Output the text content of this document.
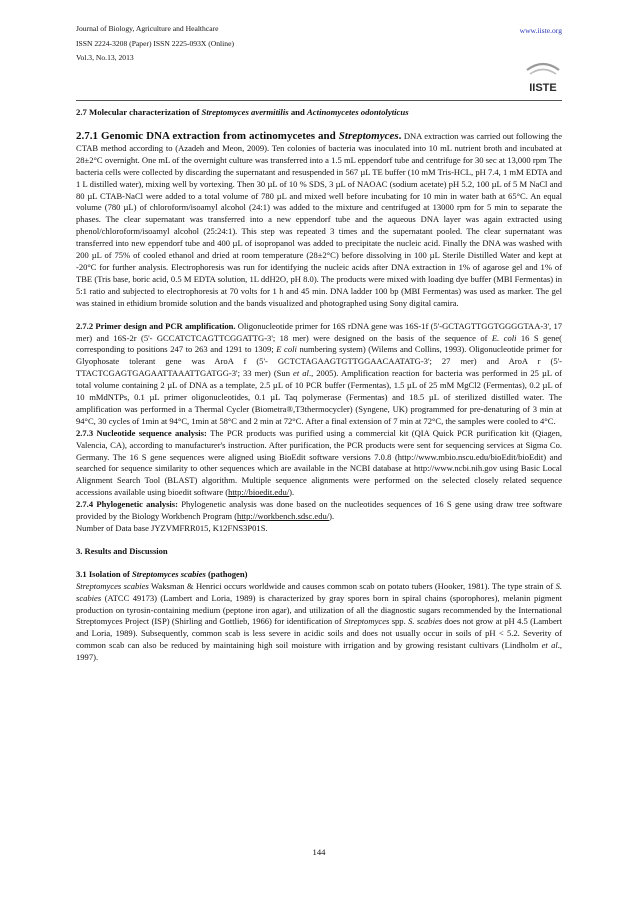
Journal of Biology, Agriculture and Healthcare
ISSN 2224-3208 (Paper) ISSN 2225-093X (Online)
Vol.3, No.13, 2013
www.iiste.org
IISTE
2.7 Molecular characterization of Streptomyces avermitilis and Actinomycetes odontolyticus

2.7.1 Genomic DNA extraction from actinomycetes and Streptomyces. DNA extraction was carried out following the CTAB method according to (Azadeh and Meon, 2009). Ten colonies of bacteria was inoculated into 10 mL nutrient broth and incubated at 28±2°C overnight. One mL of the overnight culture was transferred into a 1.5 mL eppendorf tube and centrifuge for 30 sec at 13,000 rpm The bacteria cells were collected by discarding the supernatant and resuspended in 567 µL TE buffer (10 mM Tris-HCL, pH 7.4, 1 mM EDTA and 1 L distilled water), mixing well by vortexing. Then 30 µL of 10 % SDS, 3 µL of NAOAC (sodium acetate) pH 5.2, 100 µL of 5 M NaCl and 80 µL CTAB-NaCl were added to a total volume of 780 µL and mixed well before incubating for 10 min in water bath at 65°C. An equal volume (780 µL) of chloroform/isoamyl alcohol (24:1) was added to the mixture and centrifuged at 13000 rpm for 5 min to separate the phases. The clear supernatant was transferred into a new eppendorf tube and the aqueous DNA layer was again extracted using phenol/chloroform/isoamyl alcohol (25:24:1). This step was repeated 3 times and the supernatant pooled. The clear supernatant was transferred into new eppendorf tube and 400 µL of isopropanol was added to precipitate the nucleic acid. Finally the DNA was washed with 200 µL of 75% of cooled ethanol and dried at room temperature (28±2°C) before dissolving in 100 µL Sterile Distilled Water and kept at -20°C for further analysis. Electrophoresis was run for identifying the nucleic acids after DNA extraction in 1% of agarose gel and 1% of TBE (Tris base, boric acid, 0.5 M EDTA solution, 1L ddH2O, pH 8.0). The products were mixed with loading dye buffer (MBI Fermentas) in 5:1 ratio and subjected to electrophoresis at 70 volts for 1 h and 45 min. DNA ladder 100 bp (MBI Fermentas) was used as marker. The gel was stained in ethidium bromide solution and the bands visualized and photographed using Sony digital camira.

2.7.2 Primer design and PCR amplification. Oligonucleotide primer for 16S rDNA gene was 16S-1f (5'-GCTAGTTGGTGGGGTAA-3', 17 mer) and 16S-2r (5'- GCCATCTCAGTTCGGATTG-3'; 18 mer) were designed on the basis of the sequence of E. coli 16 S gene( corresponding to positions 247 to 263 and 1291 to 1309; E coli numbering system) (Wilems and Collins, 1993). Oligonucleotide primer for Glyophosate tolerant gene was AroA f (5'- GCTCTAGAAGTGTTGGAACAATATG-3'; 27 mer) and AroA r (5'-TTACTCGAGTGAGAATTAAATTGATGG-3'; 33 mer) (Sun et al., 2005). Amplification reaction for bacteria was performed in 25 µL of total volume containing 2 µL of DNA as a template, 2.5 µL of 10 PCR buffer (Fermentas), 1.5 µL of 25 mM MgCl2 (Fermentas), 0.2 µL of 10 mMdNTPs, 0.1 µL primer oligonucleotides, 0.1 µL Taq polymerase (Fermentas) and 18.5 µL of sterilized distilled water. The amplification was performed in a Thermal Cycler (Biometra®,T3thermocycler) (Syngene, UK) programmed for pre-denaturing of 3 min at 94°C, 30 cycles of 1min at 94°C, 1min at 58°C and 2 min at 72°C. After a final extension of 7 min at 72°C, the samples were cooled to 4°C.

2.7.3 Nucleotide sequence analysis: The PCR products was purified using a commercial kit (QIA Quick PCR purification kit (Qiagen, Valencia, CA), according to manufacturer's instruction. After purification, the PCR products were sent for sequencing services at Sigma Co. Germany. The 16 S gene sequences were aligned using BioEdit software versions 7.0.8 (http://www.mbio.nscu.edu/bioEdit/bioEdit) and searched for sequence similarity to other sequences which are available in the NCBI database at http://www.ncbi.nih.gov using Basic Local Alignment Search Tool (BLAST) algorithm. Multiple sequence alignments were performed on the selected closely related sequence accessions available using bioedit software (http://bioedit.edu/).

2.7.4 Phylogenetic analysis: Phylogenetic analysis was done based on the nucleotides sequences of 16 S gene using draw tree software provided by the Biology Workbench Program (http://workbench.sdsc.edu/).

Number of Data base JYZVMFRR015, K12FNS3P01S.

3. Results and Discussion

3.1 Isolation of Streptomyces scabies (pathogen)

Streptomyces scabies Waksman & Henrici occurs worldwide and causes common scab on potato tubers (Hooker, 1981). The type strain of S. scabies (ATCC 49173) (Lambert and Loria, 1989) is characterized by gray spores born in spiral chains (sporophores), melanin pigment production on tyrosin-containing medium (peptone iron agar), and utilization of all the diagnostic sugars recommended by the International Streptomyces Project (ISP) (Shirling and Gottlieb, 1966) for identification of Streptomyces spp. S. scabies does not grow at pH 4.5 (Lambert and Loria, 1989). Subsequently, common scab is less severe in acidic soils and does not usually occur in soils of pH < 5.2. Severity of common scab can also be reduced by maintaining high soil moisture with irrigation and by growing resistant cultivars (Lindholm et al., 1997).

144
